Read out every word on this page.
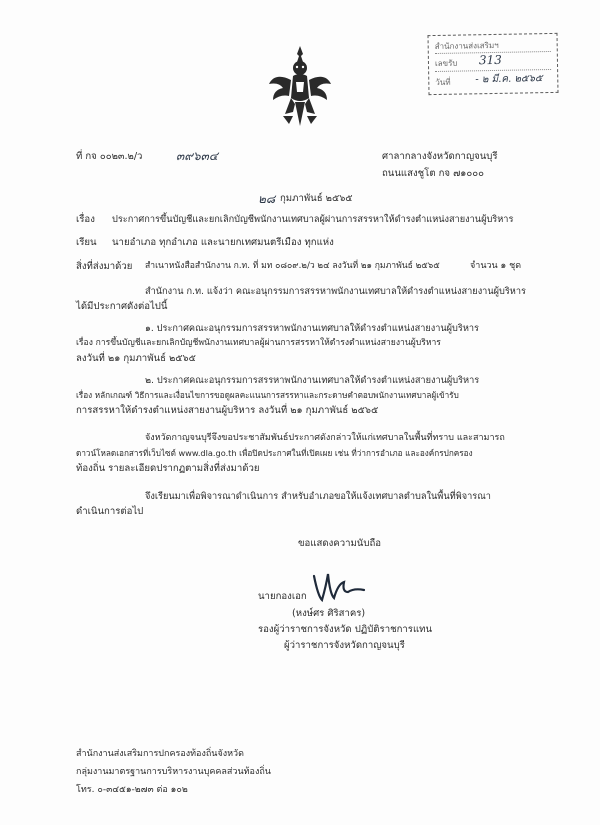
สำนักงานส่งเสริมฯ
เลขรับ 313
วันที่ - ๒ มี.ค. ๒๕๖๕
ที่ กจ ๐๐๒๓.๒/ว	๓๙๖๓๔	ศาลากลางจังหวัดกาญจนบุรี
ถนนแสงชูโต กจ ๗๑๐๐๐
๒๘ กุมภาพันธ์ ๒๕๖๕
เรื่อง ประกาศการขึ้นบัญชีและยกเลิกบัญชีพนักงานเทศบาลผู้ผ่านการสรรหาให้ดำรงตำแหน่งสายงานผู้บริหาร
เรียน นายอำเภอ ทุกอำเภอ และนายกเทศมนตรีเมือง ทุกแห่ง
สิ่งที่ส่งมาด้วย สำเนาหนังสือสำนักงาน ก.ท. ที่ มท ๐๘๐๙.๒/ว ๒๔ ลงวันที่ ๒๑ กุมภาพันธ์ ๒๕๖๕	จำนวน ๑ ชุด
สำนักงาน ก.ท. แจ้งว่า คณะอนุกรรมการสรรหาพนักงานเทศบาลให้ดำรงตำแหน่งสายงานผู้บริหาร
ได้มีประกาศดังต่อไปนี้
๑. ประกาศคณะอนุกรรมการสรรหาพนักงานเทศบาลให้ดำรงตำแหน่งสายงานผู้บริหาร
เรื่อง การขึ้นบัญชีและยกเลิกบัญชีพนักงานเทศบาลผู้ผ่านการสรรหาให้ดำรงตำแหน่งสายงานผู้บริหาร
ลงวันที่ ๒๑ กุมภาพันธ์ ๒๕๖๕
๒. ประกาศคณะอนุกรรมการสรรหาพนักงานเทศบาลให้ดำรงตำแหน่งสายงานผู้บริหาร
เรื่อง หลักเกณฑ์ วิธีการและเงื่อนไขการขอดูผลคะแนนการสรรหาและกระดาษคำตอบพนักงานเทศบาลผู้เข้ารับ
การสรรหาให้ดำรงตำแหน่งสายงานผู้บริหาร ลงวันที่ ๒๑ กุมภาพันธ์ ๒๕๖๕
จังหวัดกาญจนบุรีจึงขอประชาสัมพันธ์ประกาศดังกล่าวให้แก่เทศบาลในพื้นที่ทราบ และสามารถ
ดาวน์โหลดเอกสารที่เว็บไซต์ www.dla.go.th เพื่อปิดประกาศในที่เปิดเผย เช่น ที่ว่าการอำเภอ และองค์กรปกครอง
ท้องถิ่น รายละเอียดปรากฏตามสิ่งที่ส่งมาด้วย
จึงเรียนมาเพื่อพิจารณาดำเนินการ สำหรับอำเภอขอให้แจ้งเทศบาลตำบลในพื้นที่พิจารณา
ดำเนินการต่อไป
ขอแสดงความนับถือ
นายกองเอก
(หงษ์ศร ศิริสาคร)
รองผู้ว่าราชการจังหวัด ปฏิบัติราชการแทน
ผู้ว่าราชการจังหวัดกาญจนบุรี
สำนักงานส่งเสริมการปกครองท้องถิ่นจังหวัด
กลุ่มงานมาตรฐานการบริหารงานบุคคลส่วนท้องถิ่น
โทร. ๐-๓๔๕๑-๒๗๓ ต่อ ๑๐๒
